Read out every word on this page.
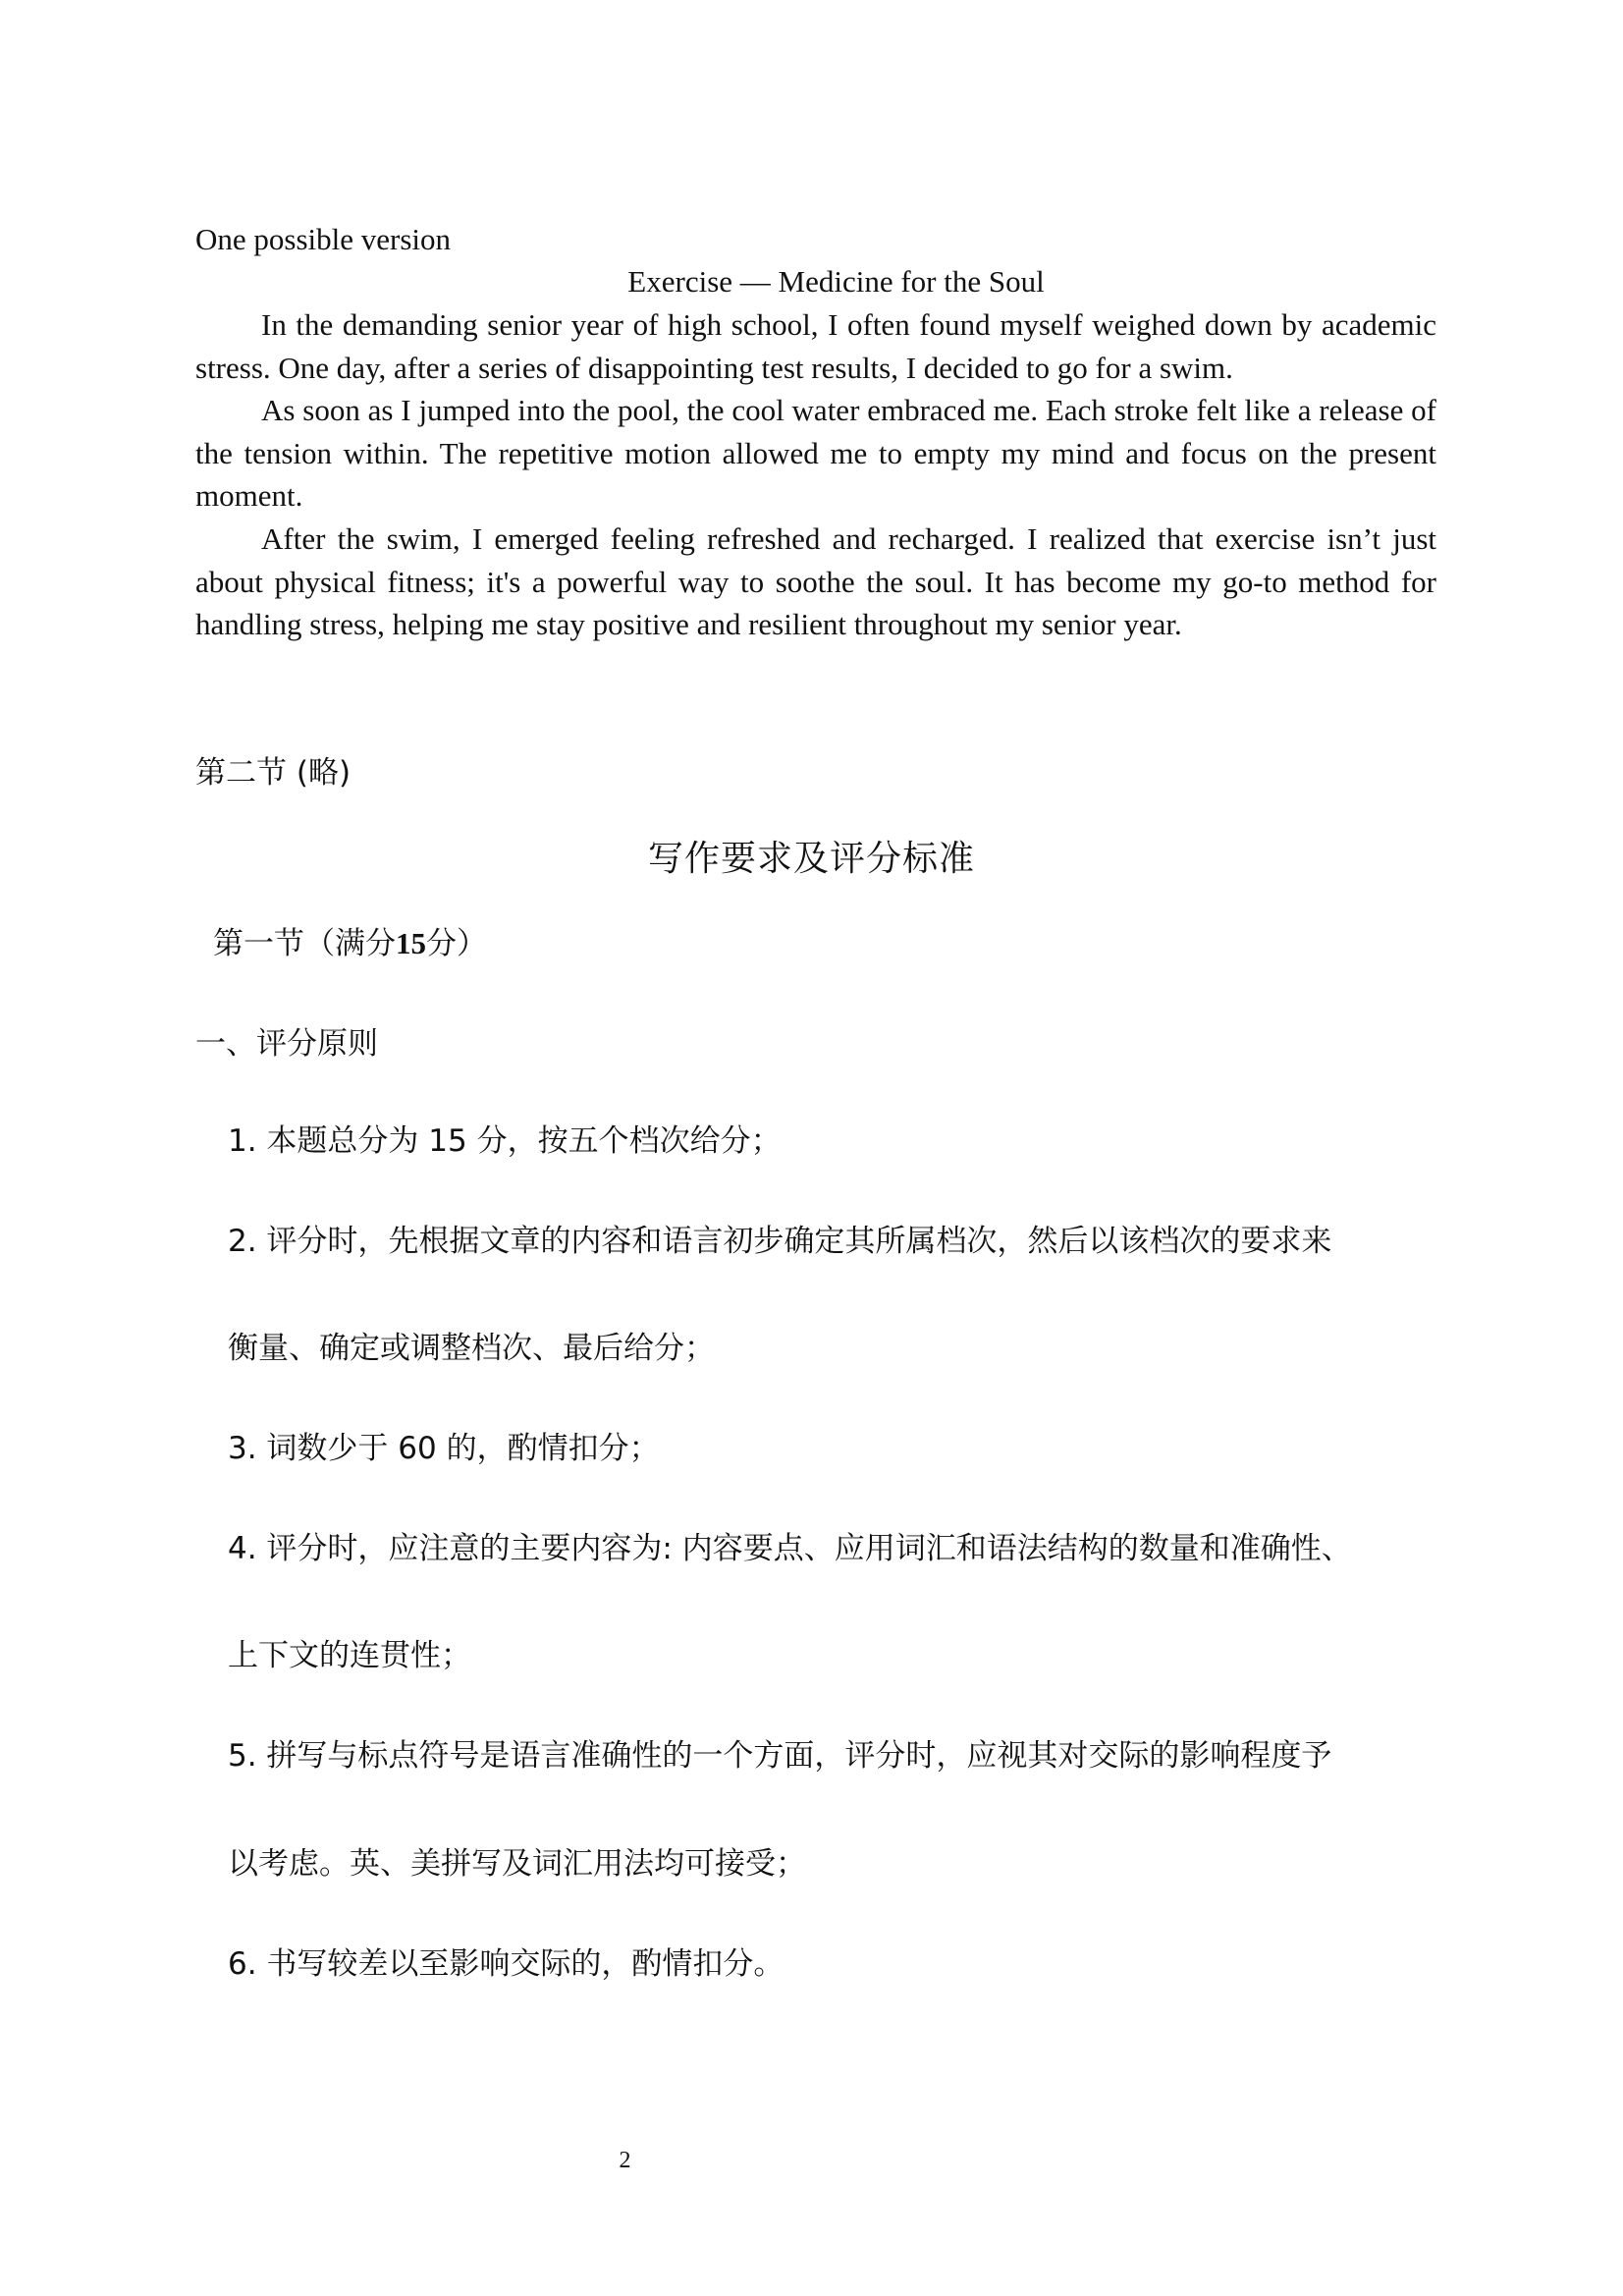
One possible version
Exercise — Medicine for the Soul

In the demanding senior year of high school, I often found myself weighed down by academic stress. One day, after a series of disappointing test results, I decided to go for a swim.

As soon as I jumped into the pool, the cool water embraced me. Each stroke felt like a release of the tension within. The repetitive motion allowed me to empty my mind and focus on the present moment.

After the swim, I emerged feeling refreshed and recharged. I realized that exercise isn’t just about physical fitness; it's a powerful way to soothe the soul. It has become my go-to method for handling stress, helping me stay positive and resilient throughout my senior year.

第二节 (略)
写作要求及评分标准
第一节（满分15分）
一、评分原则
1. 本题总分为 15 分，按五个档次给分；
2. 评分时，先根据文章的内容和语言初步确定其所属档次，然后以该档次的要求来
衡量、确定或调整档次、最后给分；
3. 词数少于 60 的，酌情扣分；
4. 评分时，应注意的主要内容为: 内容要点、应用词汇和语法结构的数量和准确性、
上下文的连贯性；
5. 拼写与标点符号是语言准确性的一个方面，评分时，应视其对交际的影响程度予
以考虑。英、美拼写及词汇用法均可接受；
6. 书写较差以至影响交际的，酌情扣分。
2
